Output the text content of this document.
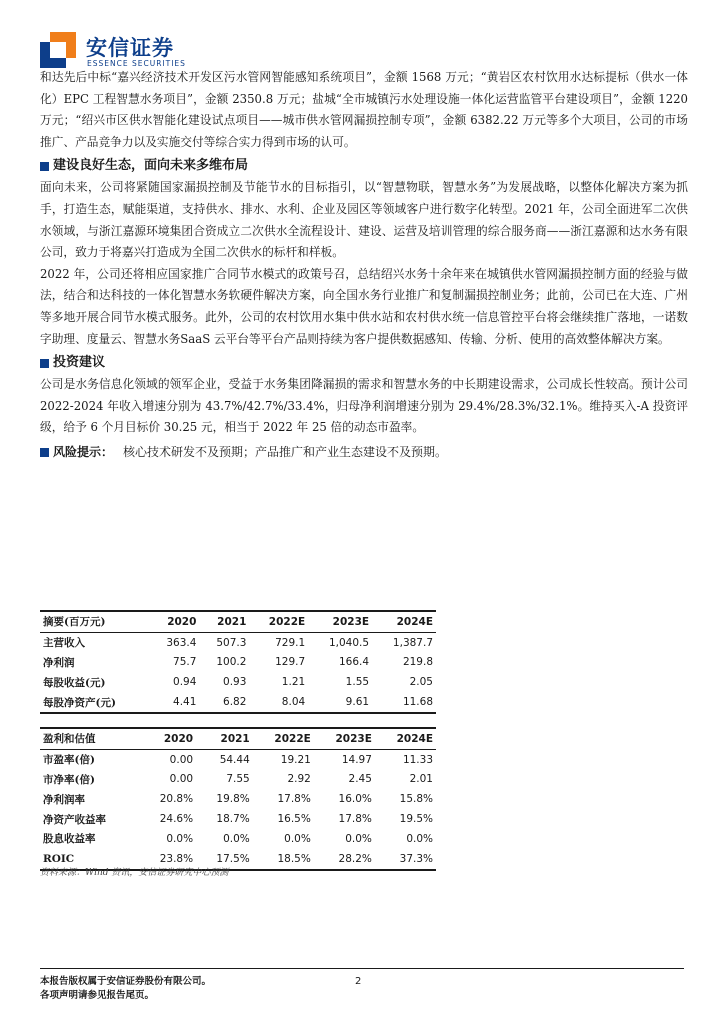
安信证券
ESSENCE SECURITIES

和达先后中标“嘉兴经济技术开发区污水管网智能感知系统项目”，金额 1568 万元；“黄岩区农村饮用水达标提标（供水一体化）EPC 工程智慧水务项目”，金额 2350.8 万元；盐城“全市城镇污水处理设施一体化运营监管平台建设项目”，金额 1220 万元；“绍兴市区供水智能化建设试点项目——城市供水管网漏损控制专项”，金额 6382.22 万元等多个大项目，公司的市场推广、产品竞争力以及实施交付等综合实力得到市场的认可。

建设良好生态，面向未来多维布局

面向未来，公司将紧随国家漏损控制及节能节水的目标指引，以“智慧物联，智慧水务”为发展战略，以整体化解决方案为抓手，打造生态，赋能渠道，支持供水、排水、水利、企业及园区等领域客户进行数字化转型。2021 年，公司全面进军二次供水领域，与浙江嘉源环境集团合资成立二次供水全流程设计、建设、运营及培训管理的综合服务商——浙江嘉源和达水务有限公司，致力于将嘉兴打造成为全国二次供水的标杆和样板。

2022 年，公司还将相应国家推广合同节水模式的政策号召，总结绍兴水务十余年来在城镇供水管网漏损控制方面的经验与做法，结合和达科技的一体化智慧水务软硬件解决方案，向全国水务行业推广和复制漏损控制业务；此前，公司已在大连、广州等多地开展合同节水模式服务。此外，公司的农村饮用水集中供水站和农村供水统一信息管控平台将会继续推广落地，一诺数字助理、度量云、智慧水务SaaS 云平台等平台产品则持续为客户提供数据感知、传输、分析、使用的高效整体解决方案。

投资建议

公司是水务信息化领域的领军企业，受益于水务集团降漏损的需求和智慧水务的中长期建设需求，公司成长性较高。预计公司 2022-2024 年收入增速分别为 43.7%/42.7%/33.4%，归母净利润增速分别为 29.4%/28.3%/32.1%。维持买入-A 投资评级，给予 6 个月目标价 30.25 元，相当于 2022 年 25 倍的动态市盈率。

风险提示： 核心技术研发不及预期；产品推广和产业生态建设不及预期。
摘要(百万元)	2020	2021	2022E	2023E	2024E
主营收入	363.4	507.3	729.1	1,040.5	1,387.7
净利润	75.7	100.2	129.7	166.4	219.8
每股收益(元)	0.94	0.93	1.21	1.55	2.05
每股净资产(元)	4.41	6.82	8.04	9.61	11.68
盈利和估值	2020	2021	2022E	2023E	2024E
市盈率(倍)	0.00	54.44	19.21	14.97	11.33
市净率(倍)	0.00	7.55	2.92	2.45	2.01
净利润率	20.8%	19.8%	17.8%	16.0%	15.8%
净资产收益率	24.6%	18.7%	16.5%	17.8%	19.5%
股息收益率	0.0%	0.0%	0.0%	0.0%	0.0%
ROIC	23.8%	17.5%	18.5%	28.2%	37.3%
资料来源：Wind 资讯，安信证券研究中心预测
本报告版权属于安信证券股份有限公司。
各项声明请参见报告尾页。
2
